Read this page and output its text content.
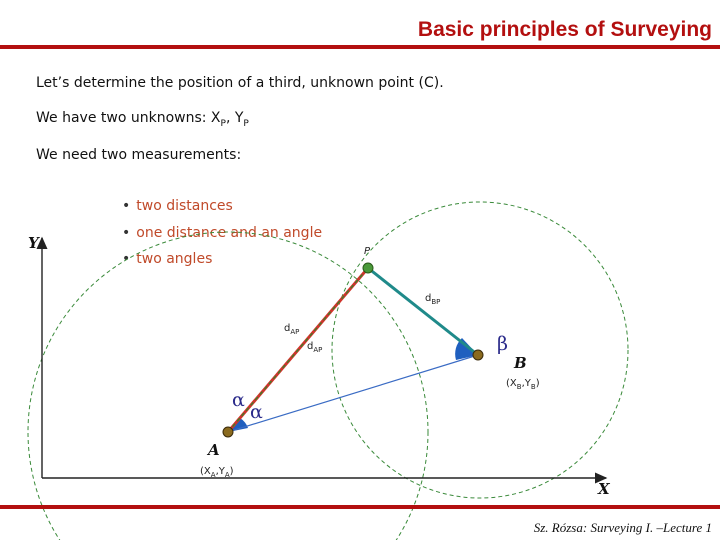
Basic principles of Surveying
Let’s determine the position of a third, unknown point (C).
We have two unknowns: $X_P$, $Y_P$
We need two measurements:
• two distances
• one distance and an angle
• two angles
Y
X
A
B
P
$d_{BP}$
$d_{AP}$
$d_{AP}$
α
α
β
$(X_B,Y_B)$
$(X_A,Y_A)$
Sz. Rózsa: Surveying I. –Lecture 1
